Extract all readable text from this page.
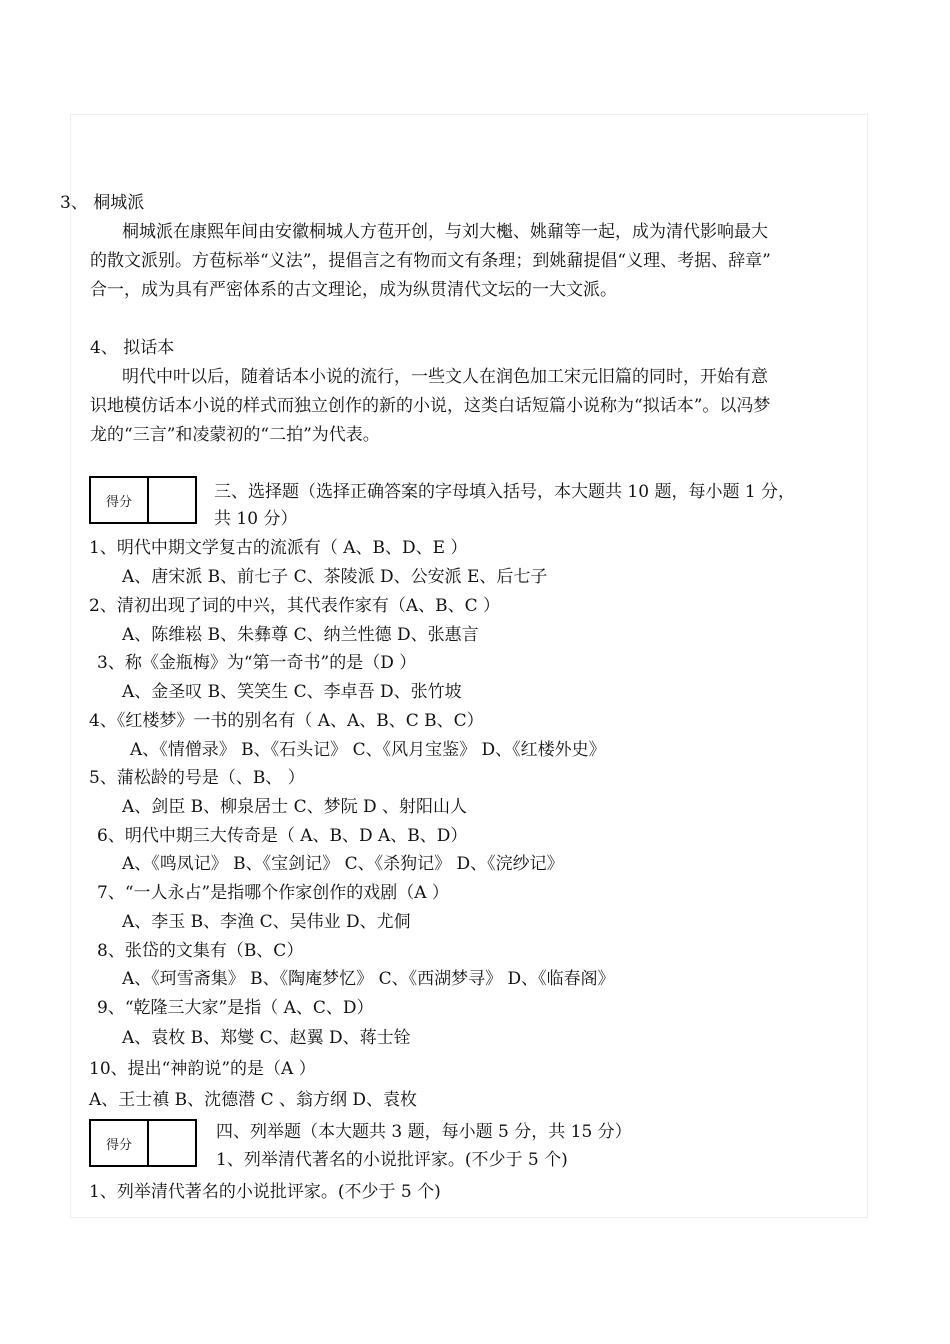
3、 桐城派
桐城派在康熙年间由安徽桐城人方苞开创，与刘大櫆、姚鼐等一起，成为清代影响最大
的散文派别。方苞标举“义法”，提倡言之有物而文有条理；到姚鼐提倡“义理、考据、辞章”
合一，成为具有严密体系的古文理论，成为纵贯清代文坛的一大文派。
4、 拟话本
明代中叶以后，随着话本小说的流行，一些文人在润色加工宋元旧篇的同时，开始有意
识地模仿话本小说的样式而独立创作的新的小说，这类白话短篇小说称为“拟话本”。以冯梦
龙的“三言”和凌蒙初的“二拍”为代表。
得分	三、选择题（选择正确答案的字母填入括号，本大题共 10 题，每小题 1 分，
共 10 分）
1、明代中期文学复古的流派有（ A、B、D、E ）
A、唐宋派 B、前七子 C、茶陵派 D、公安派 E、后七子
2、清初出现了词的中兴，其代表作家有（A、B、C ）
A、陈维崧 B、朱彝尊 C、纳兰性德 D、张惠言
3、称《金瓶梅》为“第一奇书”的是（D ）
A、金圣叹 B、笑笑生 C、李卓吾 D、张竹坡
4、《红楼梦》一书的别名有（ A、A、B、C B、C）
A、《情僧录》 B、《石头记》 C、《风月宝鉴》 D、《红楼外史》
5、蒲松龄的号是（、B、 ）
A、剑臣 B、柳泉居士 C、梦阮 D 、射阳山人
6、明代中期三大传奇是（ A、B、D A、B、D）
A、《鸣凤记》 B、《宝剑记》 C、《杀狗记》 D、《浣纱记》
7、“一人永占”是指哪个作家创作的戏剧（A ）
A、李玉 B、李渔 C、吴伟业 D、尤侗
8、张岱的文集有（B、C）
A、《珂雪斋集》 B、《陶庵梦忆》 C、《西湖梦寻》 D、《临春阁》
9、“乾隆三大家”是指（ A、C、D）
A、袁枚 B、郑燮 C、赵翼 D、蒋士铨
10、提出“神韵说”的是（A ）
A、王士禛 B、沈德潜 C 、翁方纲 D、袁枚
得分
四、列举题（本大题共 3 题，每小题 5 分，共 15 分）
1、列举清代著名的小说批评家。(不少于 5 个)
1、列举清代著名的小说批评家。(不少于 5 个)
